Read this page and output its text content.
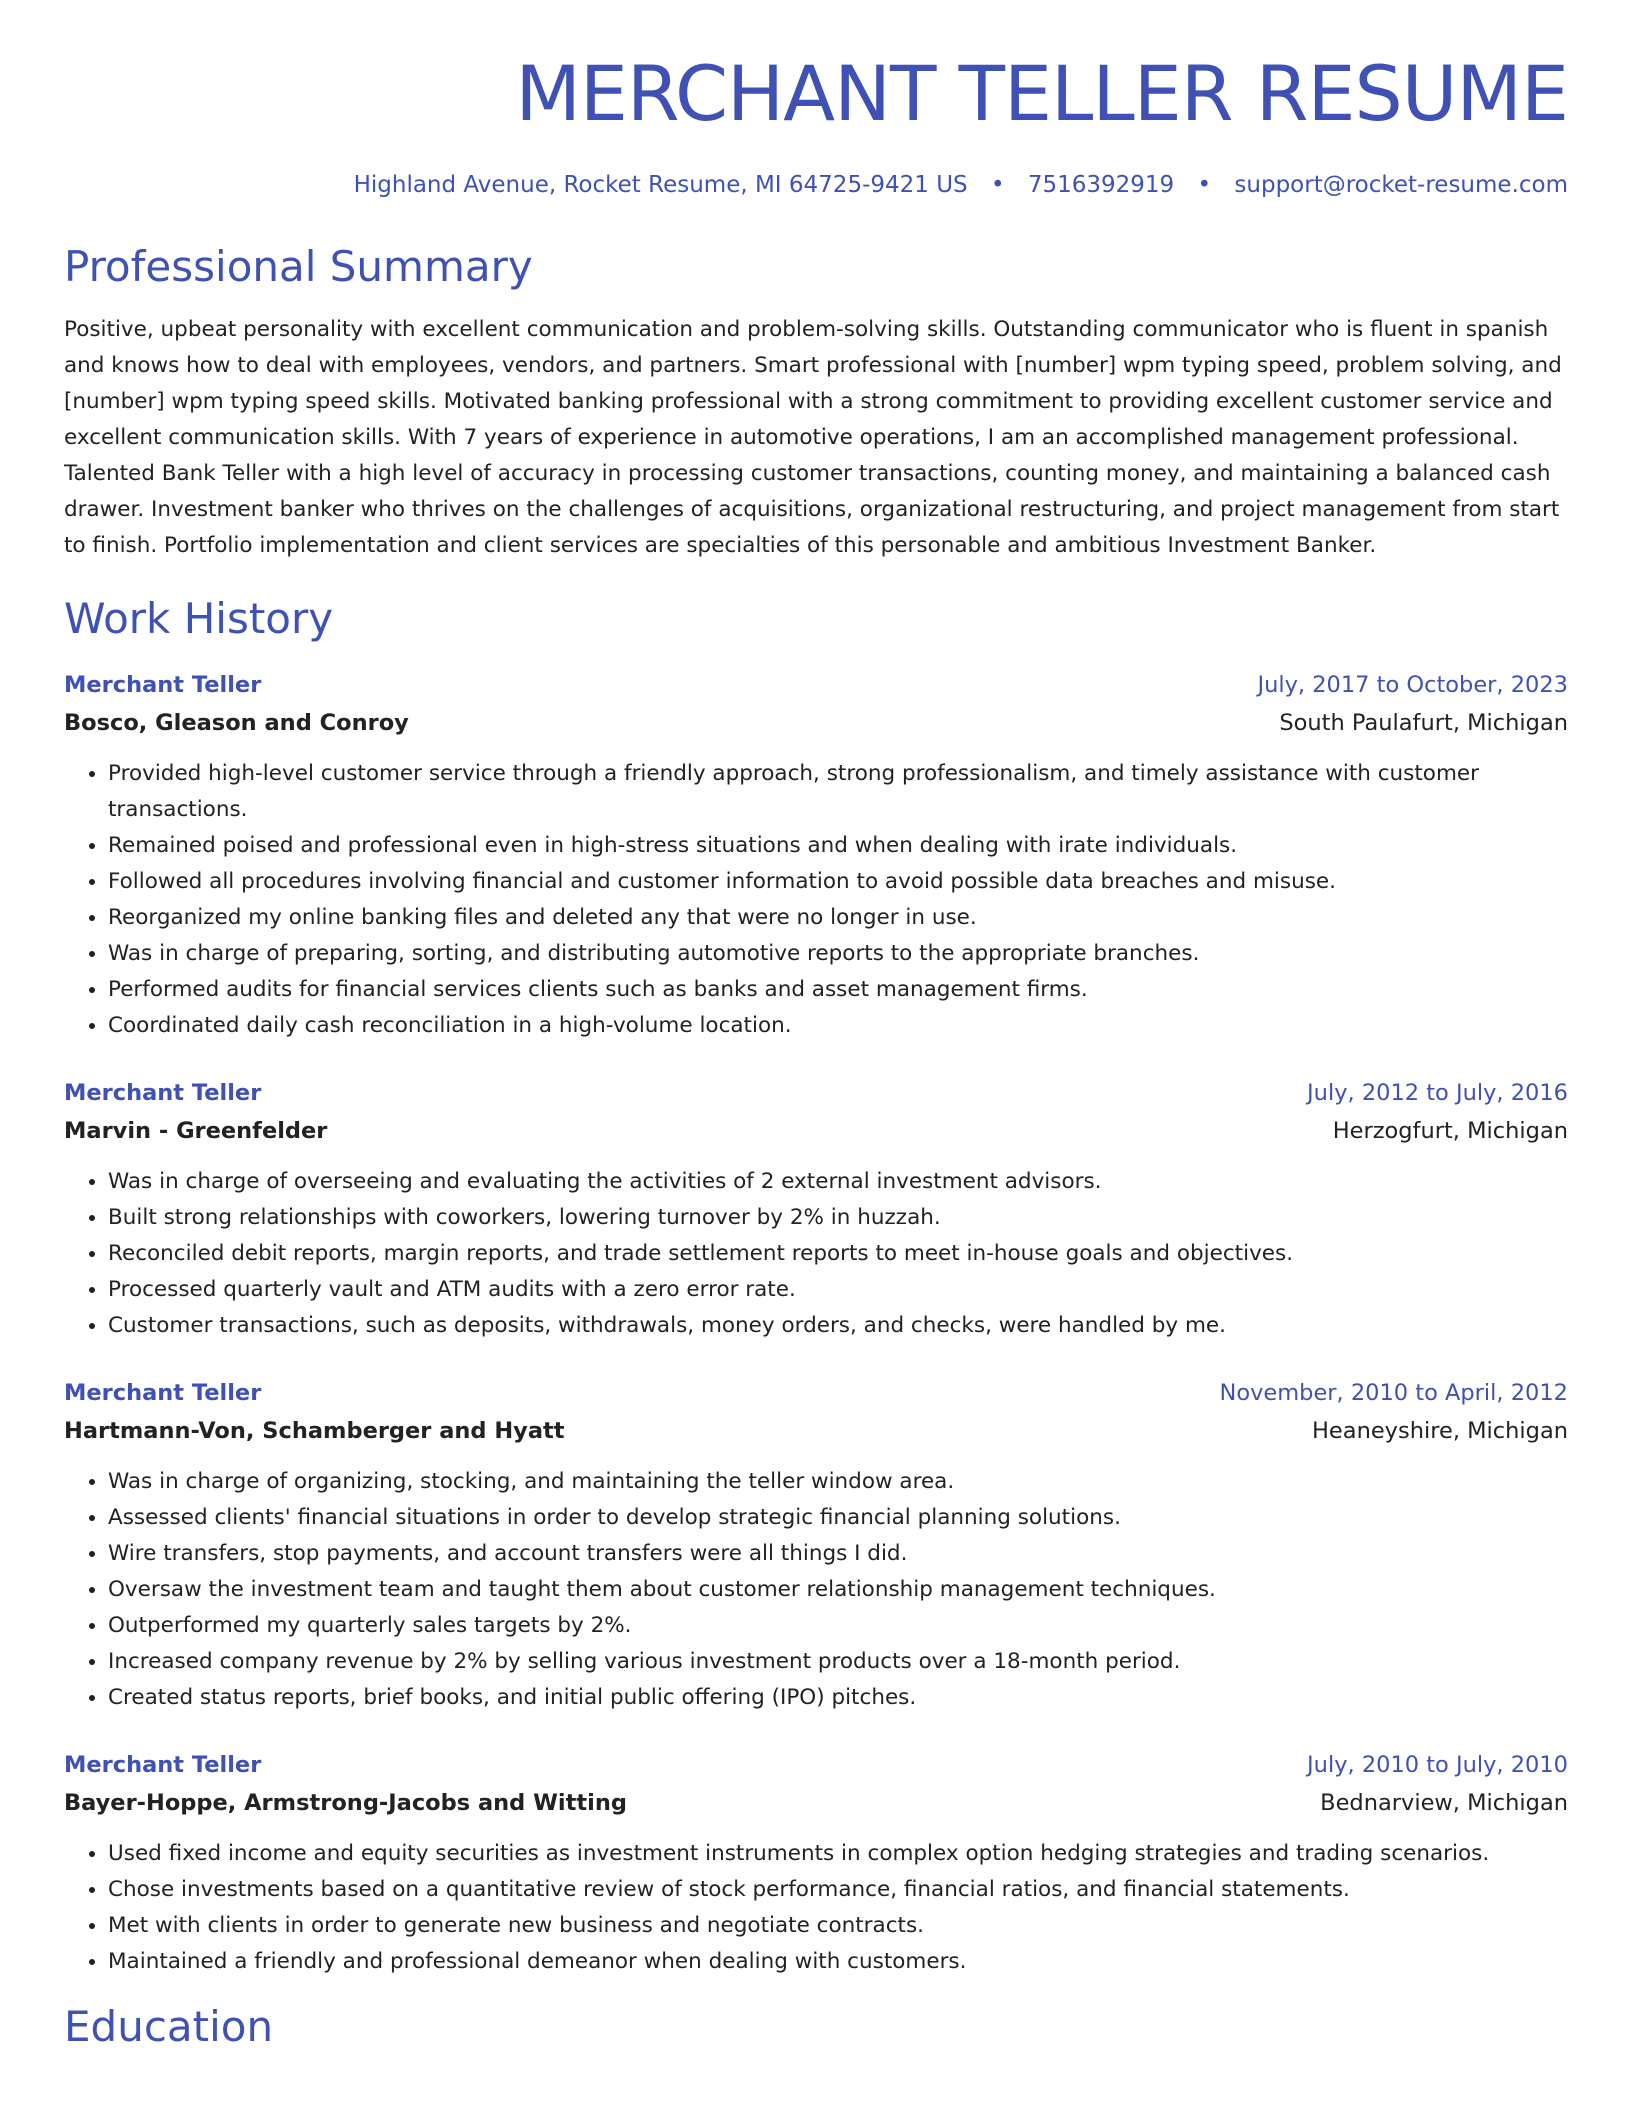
MERCHANT TELLER RESUME
Highland Avenue, Rocket Resume, MI 64725-9421 US • 7516392919 • support@rocket-resume.com
Professional Summary

Positive, upbeat personality with excellent communication and problem-solving skills. Outstanding communicator who is fluent in spanish and knows how to deal with employees, vendors, and partners. Smart professional with [number] wpm typing speed, problem solving, and [number] wpm typing speed skills. Motivated banking professional with a strong commitment to providing excellent customer service and excellent communication skills. With 7 years of experience in automotive operations, I am an accomplished management professional. Talented Bank Teller with a high level of accuracy in processing customer transactions, counting money, and maintaining a balanced cash drawer. Investment banker who thrives on the challenges of acquisitions, organizational restructuring, and project management from start to finish. Portfolio implementation and client services are specialties of this personable and ambitious Investment Banker.

Work History
Merchant Teller	July, 2017 to October, 2023
Bosco, Gleason and Conroy	South Paulafurt, Michigan
• Provided high-level customer service through a friendly approach, strong professionalism, and timely assistance with customer transactions.
• Remained poised and professional even in high-stress situations and when dealing with irate individuals.
• Followed all procedures involving financial and customer information to avoid possible data breaches and misuse.
• Reorganized my online banking files and deleted any that were no longer in use.
• Was in charge of preparing, sorting, and distributing automotive reports to the appropriate branches.
• Performed audits for financial services clients such as banks and asset management firms.
• Coordinated daily cash reconciliation in a high-volume location.
Merchant Teller	July, 2012 to July, 2016
Marvin - Greenfelder	Herzogfurt, Michigan
• Was in charge of overseeing and evaluating the activities of 2 external investment advisors.
• Built strong relationships with coworkers, lowering turnover by 2% in huzzah.
• Reconciled debit reports, margin reports, and trade settlement reports to meet in-house goals and objectives.
• Processed quarterly vault and ATM audits with a zero error rate.
• Customer transactions, such as deposits, withdrawals, money orders, and checks, were handled by me.
Merchant Teller	November, 2010 to April, 2012
Hartmann-Von, Schamberger and Hyatt	Heaneyshire, Michigan
• Was in charge of organizing, stocking, and maintaining the teller window area.
• Assessed clients' financial situations in order to develop strategic financial planning solutions.
• Wire transfers, stop payments, and account transfers were all things I did.
• Oversaw the investment team and taught them about customer relationship management techniques.
• Outperformed my quarterly sales targets by 2%.
• Increased company revenue by 2% by selling various investment products over a 18-month period.
• Created status reports, brief books, and initial public offering (IPO) pitches.
Merchant Teller	July, 2010 to July, 2010
Bayer-Hoppe, Armstrong-Jacobs and Witting	Bednarview, Michigan
• Used fixed income and equity securities as investment instruments in complex option hedging strategies and trading scenarios.
• Chose investments based on a quantitative review of stock performance, financial ratios, and financial statements.
• Met with clients in order to generate new business and negotiate contracts.
• Maintained a friendly and professional demeanor when dealing with customers.
Education
